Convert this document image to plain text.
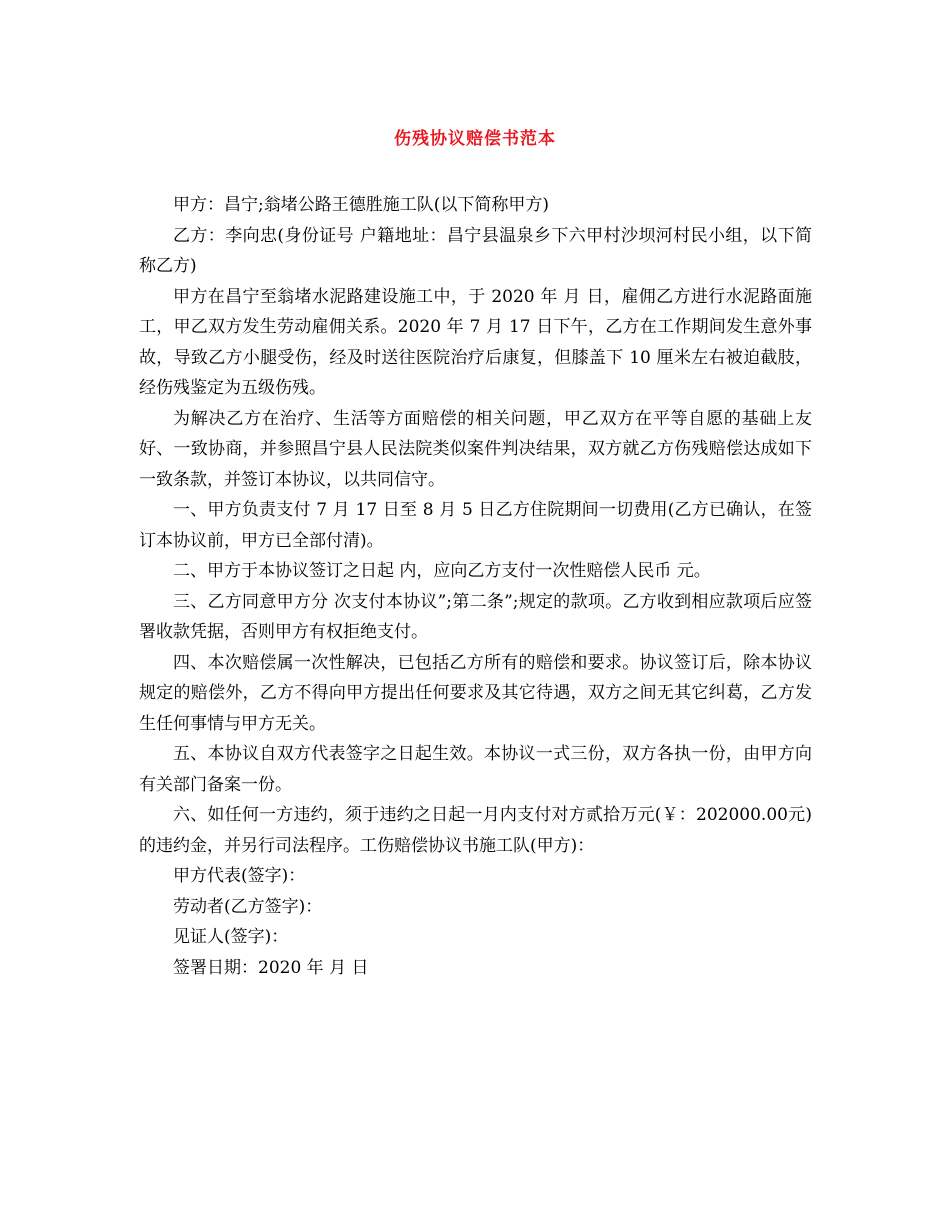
伤残协议赔偿书范本

甲方：昌宁;翁堵公路王德胜施工队(以下简称甲方)

乙方：李向忠(身份证号 户籍地址：昌宁县温泉乡下六甲村沙坝河村民小组，以下简称乙方)

甲方在昌宁至翁堵水泥路建设施工中，于 2020 年 月 日，雇佣乙方进行水泥路面施工，甲乙双方发生劳动雇佣关系。2020 年 7 月 17 日下午，乙方在工作期间发生意外事故，导致乙方小腿受伤，经及时送往医院治疗后康复，但膝盖下 10 厘米左右被迫截肢，经伤残鉴定为五级伤残。

为解决乙方在治疗、生活等方面赔偿的相关问题，甲乙双方在平等自愿的基础上友好、一致协商，并参照昌宁县人民法院类似案件判决结果，双方就乙方伤残赔偿达成如下一致条款，并签订本协议，以共同信守。

一、甲方负责支付 7 月 17 日至 8 月 5 日乙方住院期间一切费用(乙方已确认，在签订本协议前，甲方已全部付清)。

二、甲方于本协议签订之日起 内，应向乙方支付一次性赔偿人民币 元。

三、乙方同意甲方分 次支付本协议”;第二条”;规定的款项。乙方收到相应款项后应签署收款凭据，否则甲方有权拒绝支付。

四、本次赔偿属一次性解决，已包括乙方所有的赔偿和要求。协议签订后，除本协议规定的赔偿外，乙方不得向甲方提出任何要求及其它待遇，双方之间无其它纠葛，乙方发生任何事情与甲方无关。

五、本协议自双方代表签字之日起生效。本协议一式三份，双方各执一份，由甲方向有关部门备案一份。

六、如任何一方违约，须于违约之日起一月内支付对方贰拾万元(￥：202000.00元)的违约金，并另行司法程序。工伤赔偿协议书施工队(甲方)：

甲方代表(签字)：

劳动者(乙方签字)：

见证人(签字)：

签署日期：2020 年 月 日
